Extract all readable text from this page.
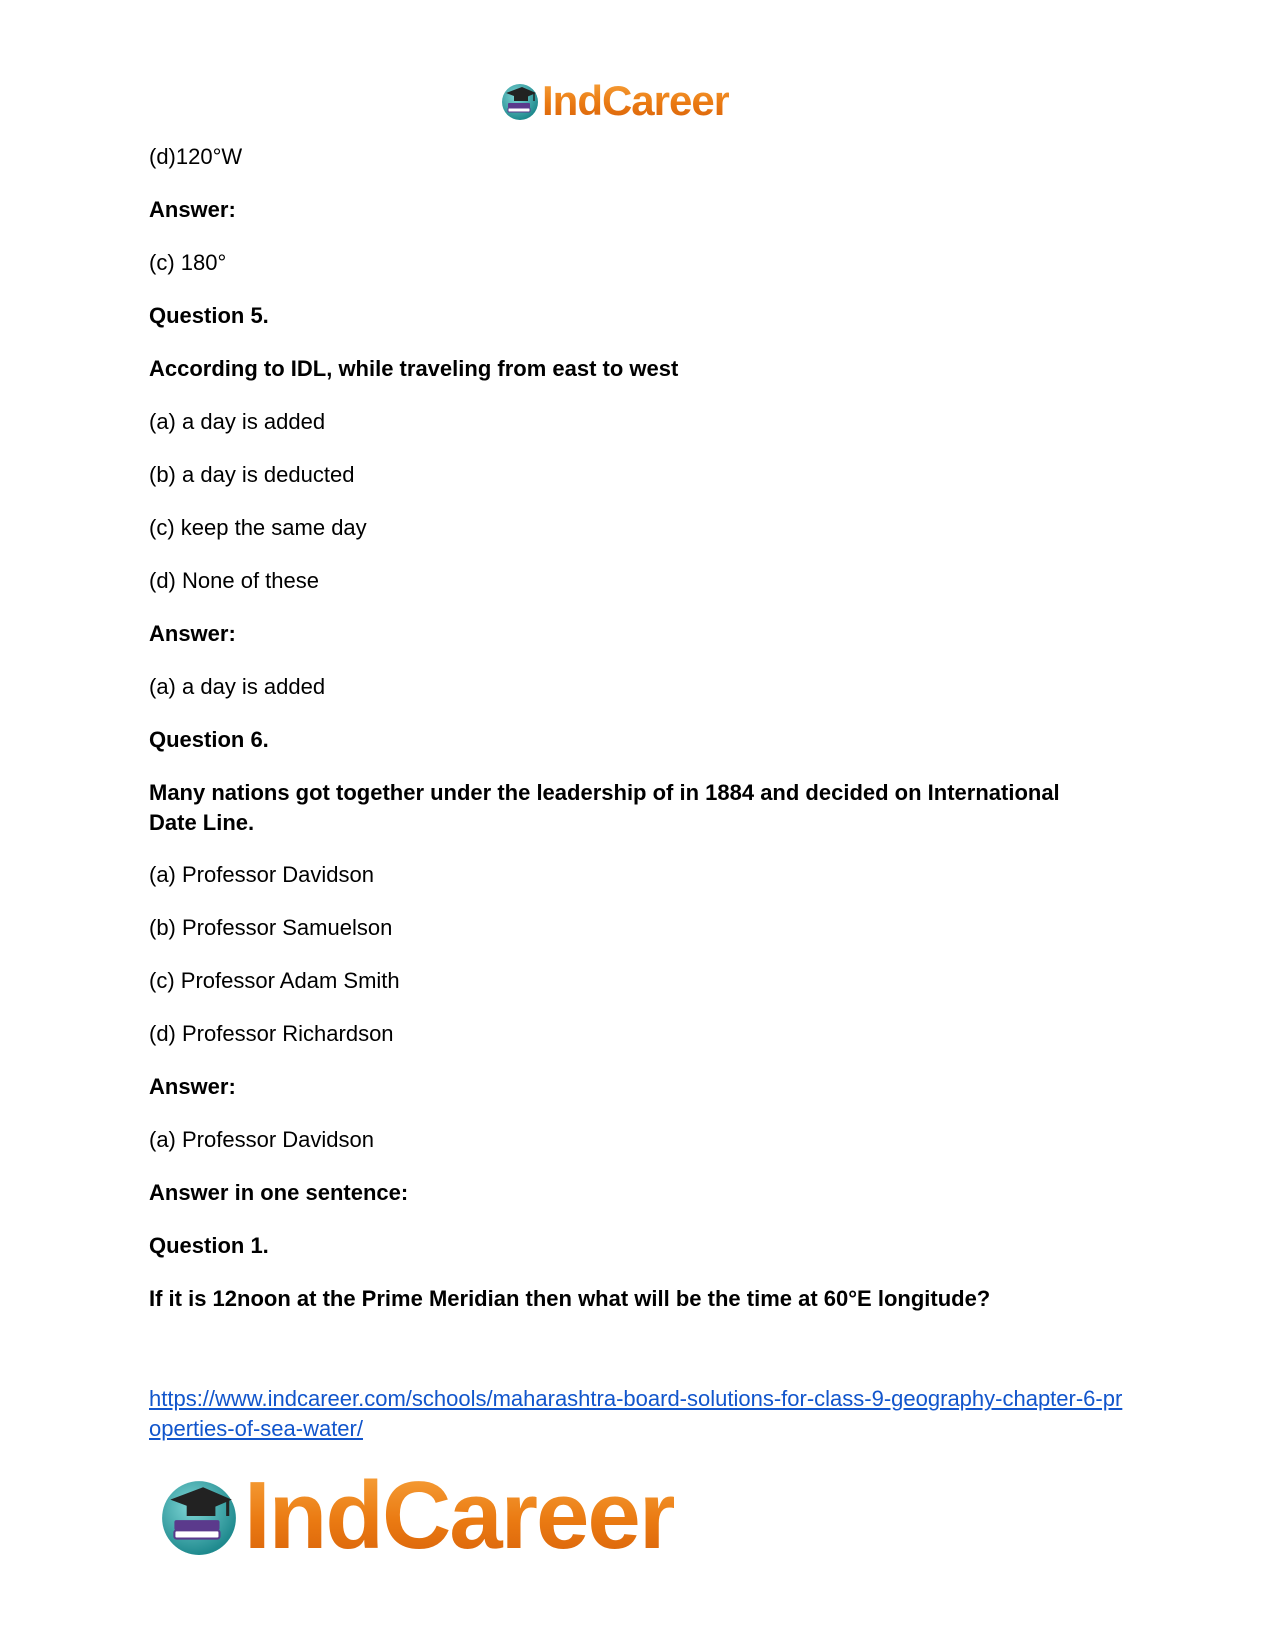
IndCareer

(d)120°W

Answer:

(c) 180°

Question 5.

According to IDL, while traveling from east to west

(a) a day is added

(b) a day is deducted

(c) keep the same day

(d) None of these

Answer:

(a) a day is added

Question 6.

Many nations got together under the leadership of in 1884 and decided on International Date Line.

(a) Professor Davidson

(b) Professor Samuelson

(c) Professor Adam Smith

(d) Professor Richardson

Answer:

(a) Professor Davidson

Answer in one sentence:

Question 1.

If it is 12noon at the Prime Meridian then what will be the time at 60°E longitude?

https://www.indcareer.com/schools/maharashtra-board-solutions-for-class-9-geography-chapter-6-properties-of-sea-water/
IndCareer
